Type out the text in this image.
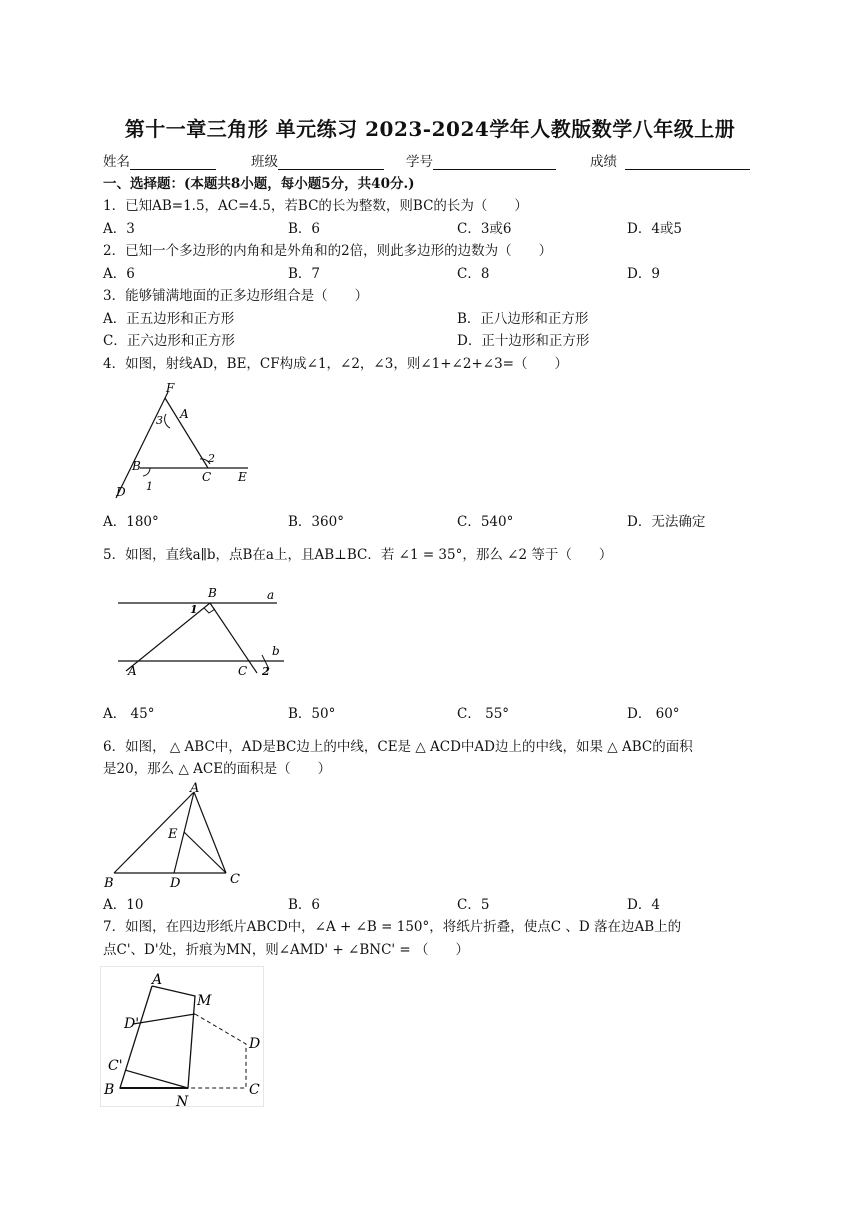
第十一章三角形 单元练习 2023-2024学年人教版数学八年级上册
姓名	班级	学号	成绩
一、选择题：(本题共8小题，每小题5分，共40分.)
1．已知AB=1.5，AC=4.5，若BC的长为整数，则BC的长为（　　）
A．3	B．6	C．3或6	D．4或5
2．已知一个多边形的内角和是外角和的2倍，则此多边形的边数为（　　）
A．6	B．7	C．8	D．9
3．能够铺满地面的正多边形组合是（　　）
A．正五边形和正方形	B．正八边形和正方形
C．正六边形和正方形	D．正十边形和正方形
4．如图，射线AD，BE，CF构成∠1，∠2，∠3，则∠1+∠2+∠3=（　　）
F
A
3
2
B
C E
1
D
A．180°	B．360°	C．540°	D．无法确定
5．如图，直线a∥b，点B在a上，且AB⊥BC．若 ∠1 = 35°，那么 ∠2 等于（　　）
B	a
1
b
A	C 2
A． 45°	B．50°	C． 55°	D． 60°
6．如图， △ ABC中，AD是BC边上的中线，CE是 △ ACD中AD边上的中线，如果 △ ABC的面积
是20，那么 △ ACE的面积是（　　）
A
E
B	D	C
A．10	B．6	C．5	D．4
7．如图，在四边形纸片ABCD中，∠A + ∠B = 150°，将纸片折叠，使点C 、D 落在边AB上的
点C'、D'处，折痕为MN，则∠AMD' + ∠BNC' = （　　）
A
M
D'
D
C'
B
N
C
